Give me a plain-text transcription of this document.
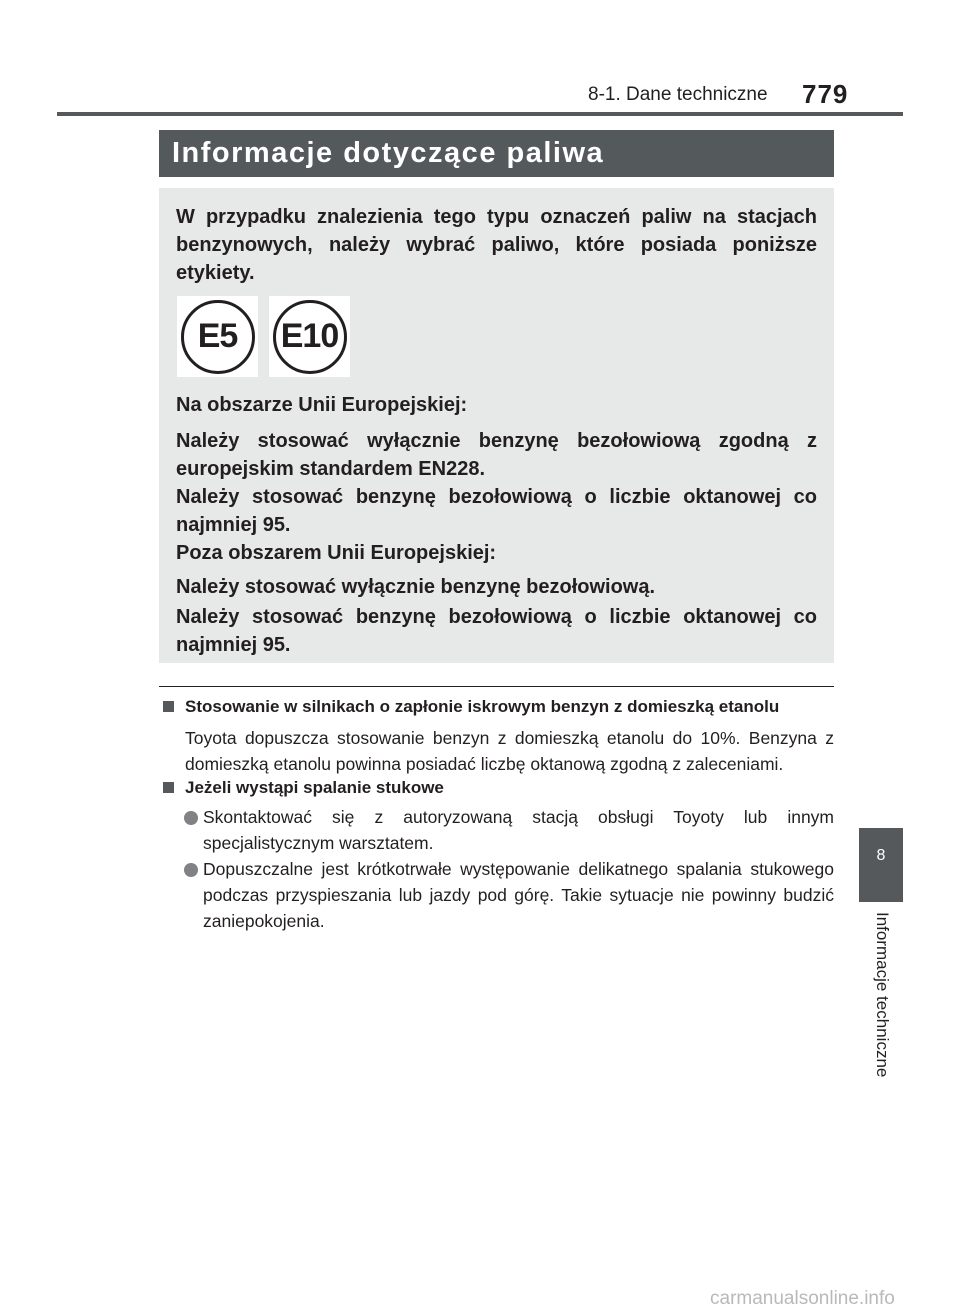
8-1. Dane techniczne 779
Informacje dotyczące paliwa

W przypadku znalezienia tego typu oznaczeń paliw na stacjach benzynowych, należy wybrać paliwo, które posiada poniższe etykiety.

E5	E10

Na obszarze Unii Europejskiej:

Należy stosować wyłącznie benzynę bezołowiową zgodną z europejskim standardem EN228.

Należy stosować benzynę bezołowiową o liczbie oktanowej co najmniej 95.

Poza obszarem Unii Europejskiej:

Należy stosować wyłącznie benzynę bezołowiową.

Należy stosować benzynę bezołowiową o liczbie oktanowej co najmniej 95.

Stosowanie w silnikach o zapłonie iskrowym benzyn z domieszką etanolu

Toyota dopuszcza stosowanie benzyn z domieszką etanolu do 10%. Benzyna z domieszką etanolu powinna posiadać liczbę oktanową zgodną z zaleceniami.

Jeżeli wystąpi spalanie stukowe

Skontaktować się z autoryzowaną stacją obsługi Toyoty lub innym specjalistycznym warsztatem.

Dopuszczalne jest krótkotrwałe występowanie delikatnego spalania stukowego podczas przyspieszania lub jazdy pod górę. Takie sytuacje nie powinny budzić zaniepokojenia.

8
Informacje techniczne
carmanualsonline.info
